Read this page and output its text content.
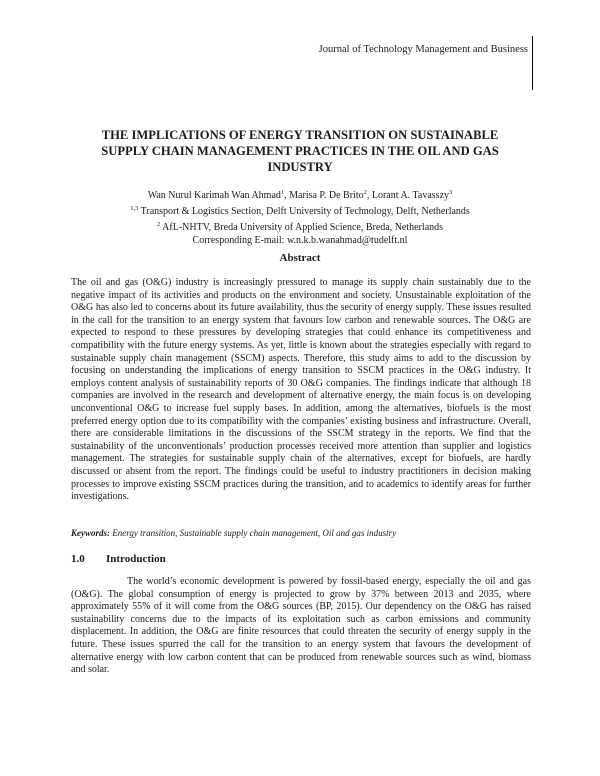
Journal of Technology Management and Business
THE IMPLICATIONS OF ENERGY TRANSITION ON SUSTAINABLE SUPPLY CHAIN MANAGEMENT PRACTICES IN THE OIL AND GAS INDUSTRY
Wan Nurul Karimah Wan Ahmad$^1$, Marisa P. De Brito$^2$, Lorant A. Tavasszy$^3$
$^{1,3}$ Transport & Logistics Section, Delft University of Technology, Delft, Netherlands
$^2$ AfL-NHTV, Breda University of Applied Science, Breda, Netherlands
Corresponding E-mail: w.n.k.b.wanahmad@tudelft.nl
Abstract
The oil and gas (O&G) industry is increasingly pressured to manage its supply chain sustainably due to the negative impact of its activities and products on the environment and society. Unsustainable exploitation of the O&G has also led to concerns about its future availability, thus the security of energy supply. These issues resulted in the call for the transition to an energy system that favours low carbon and renewable sources. The O&G are expected to respond to these pressures by developing strategies that could enhance its competitiveness and compatibility with the future energy systems. As yet, little is known about the strategies especially with regard to sustainable supply chain management (SSCM) aspects. Therefore, this study aims to add to the discussion by focusing on understanding the implications of energy transition to SSCM practices in the O&G industry. It employs content analysis of sustainability reports of 30 O&G companies. The findings indicate that although 18 companies are involved in the research and development of alternative energy, the main focus is on developing unconventional O&G to increase fuel supply bases. In addition, among the alternatives, biofuels is the most preferred energy option due to its compatibility with the companies’ existing business and infrastructure. Overall, there are considerable limitations in the discussions of the SSCM strategy in the reports. We find that the sustainability of the unconventionals’ production processes received more attention than supplier and logistics management. The strategies for sustainable supply chain of the alternatives, except for biofuels, are hardly discussed or absent from the report. The findings could be useful to industry practitioners in decision making processes to improve existing SSCM practices during the transition, and to academics to identify areas for further investigations.
Keywords: Energy transition, Sustainable supply chain management, Oil and gas industry
1.0 Introduction
The world’s economic development is powered by fossil-based energy, especially the oil and gas (O&G). The global consumption of energy is projected to grow by 37% between 2013 and 2035, where approximately 55% of it will come from the O&G sources (BP, 2015). Our dependency on the O&G has raised sustainability concerns due to the impacts of its exploitation such as carbon emissions and community displacement. In addition, the O&G are finite resources that could threaten the security of energy supply in the future. These issues spurred the call for the transition to an energy system that favours the development of alternative energy with low carbon content that can be produced from renewable sources such as wind, biomass and solar.
